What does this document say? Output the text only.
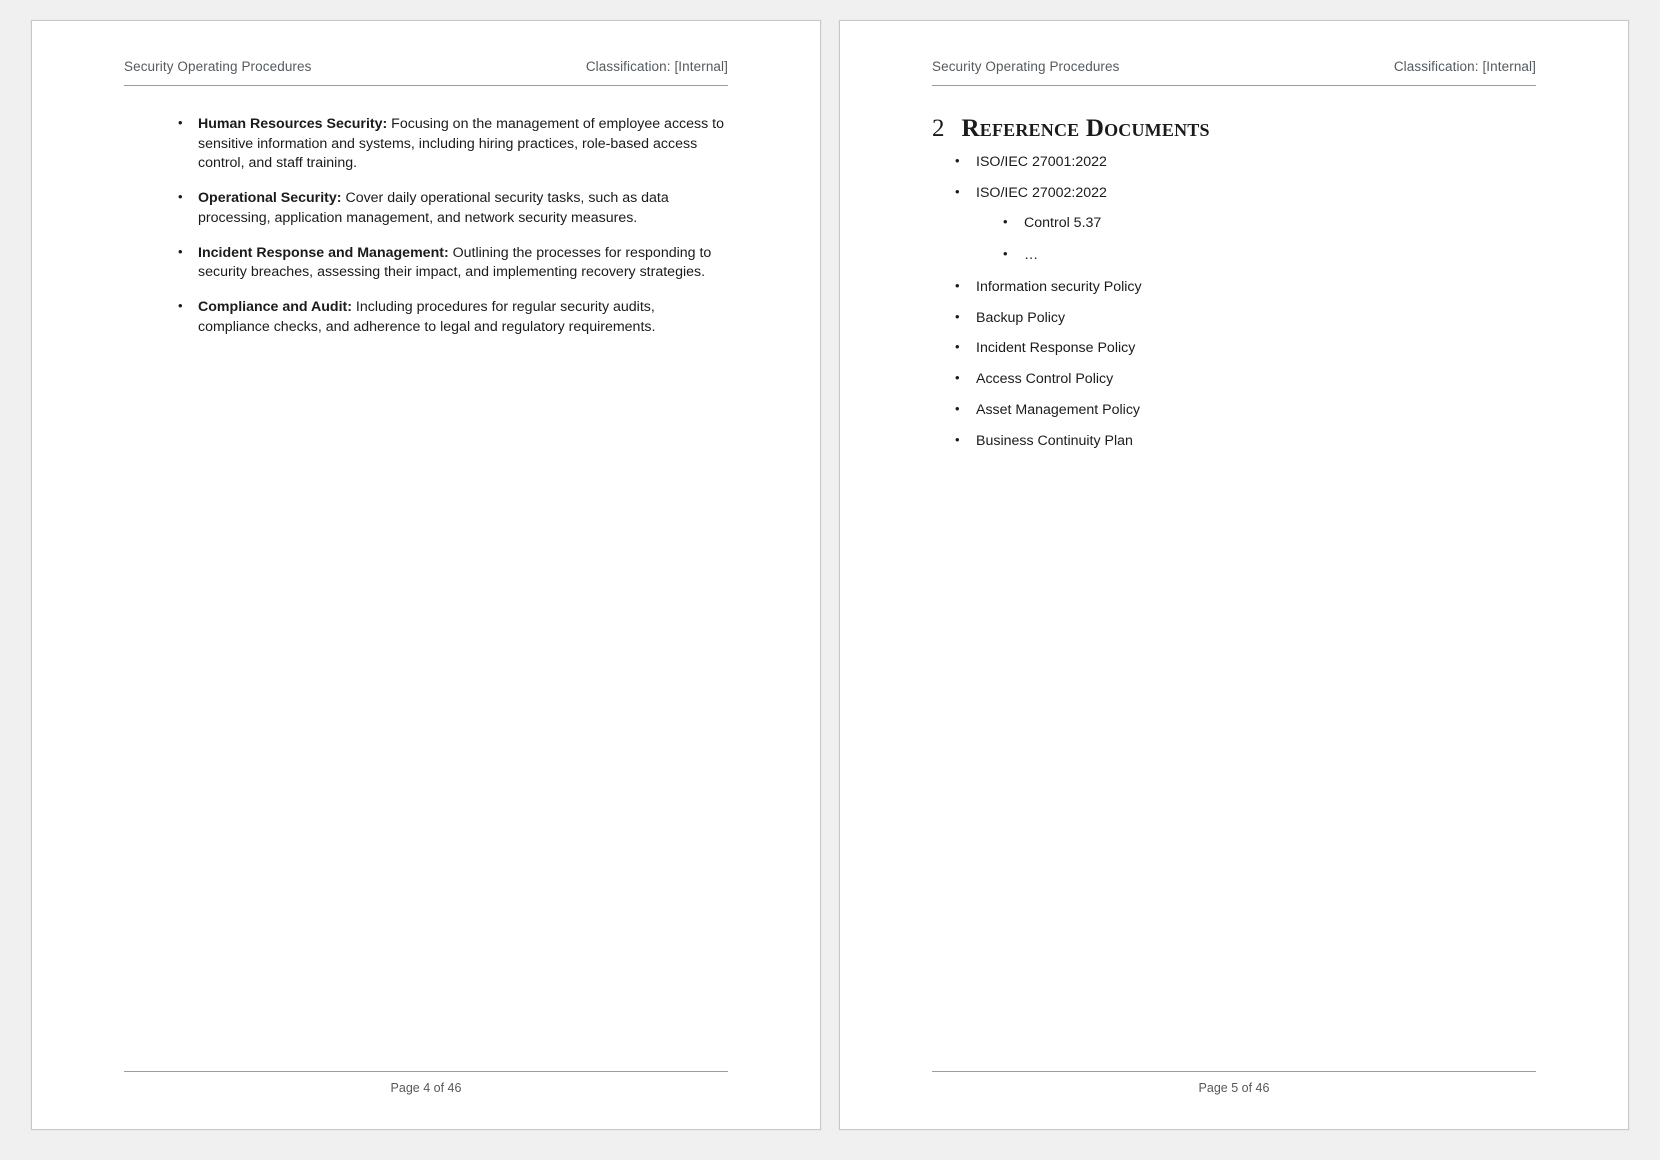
Security Operating Procedures	Classification: [Internal]
• Human Resources Security: Focusing on the management of employee access to sensitive information and systems, including hiring practices, role-based access control, and staff training.
• Operational Security: Cover daily operational security tasks, such as data processing, application management, and network security measures.
• Incident Response and Management: Outlining the processes for responding to security breaches, assessing their impact, and implementing recovery strategies.
• Compliance and Audit: Including procedures for regular security audits, compliance checks, and adherence to legal and regulatory requirements.
Page 4 of 46
Security Operating Procedures	Classification: [Internal]
2 Reference Documents
• ISO/IEC 27001:2022
• ISO/IEC 27002:2022
• Control 5.37
• …
• Information security Policy
• Backup Policy
• Incident Response Policy
• Access Control Policy
• Asset Management Policy
• Business Continuity Plan
Page 5 of 46
